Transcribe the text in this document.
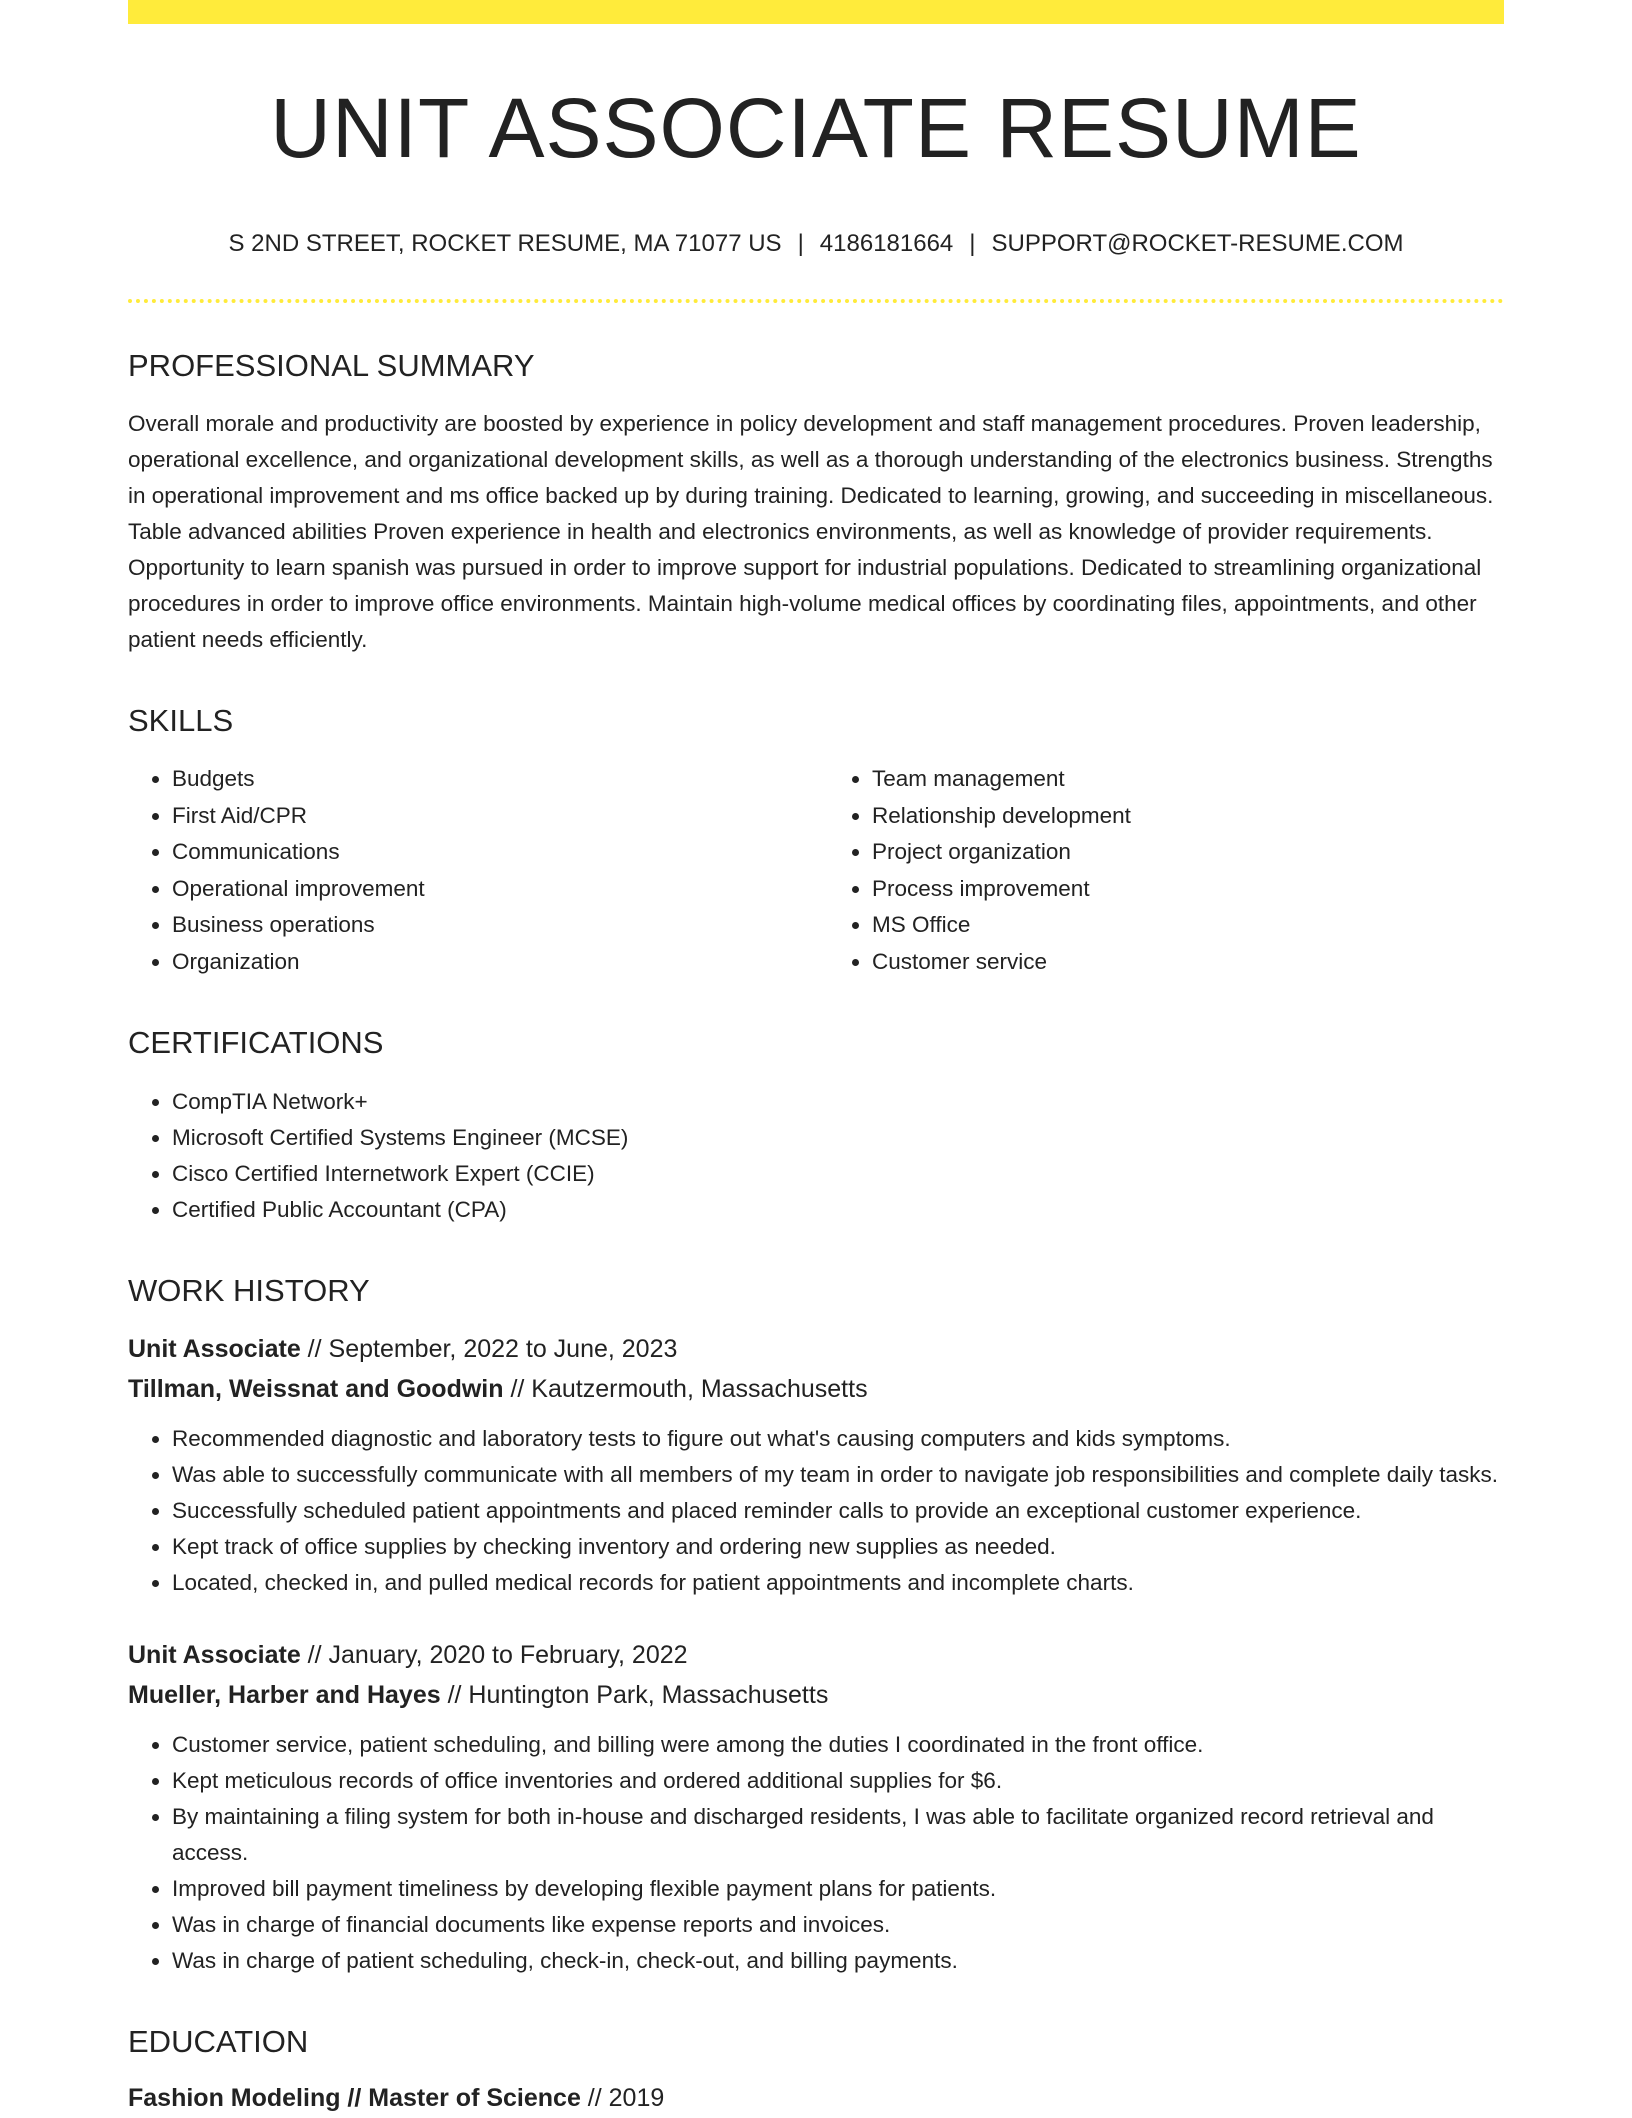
UNIT ASSOCIATE RESUME
S 2ND STREET, ROCKET RESUME, MA 71077 US | 4186181664 | SUPPORT@ROCKET-RESUME.COM
PROFESSIONAL SUMMARY

Overall morale and productivity are boosted by experience in policy development and staff management procedures. Proven leadership, operational excellence, and organizational development skills, as well as a thorough understanding of the electronics business. Strengths in operational improvement and ms office backed up by during training. Dedicated to learning, growing, and succeeding in miscellaneous. Table advanced abilities Proven experience in health and electronics environments, as well as knowledge of provider requirements. Opportunity to learn spanish was pursued in order to improve support for industrial populations. Dedicated to streamlining organizational procedures in order to improve office environments. Maintain high-volume medical offices by coordinating files, appointments, and other patient needs efficiently.

SKILLS
• Budgets
• First Aid/CPR
• Communications
• Operational improvement
• Business operations
• Organization
• Team management
• Relationship development
• Project organization
• Process improvement
• MS Office
• Customer service
CERTIFICATIONS
• CompTIA Network+
• Microsoft Certified Systems Engineer (MCSE)
• Cisco Certified Internetwork Expert (CCIE)
• Certified Public Accountant (CPA)
WORK HISTORY
Unit Associate // September, 2022 to June, 2023
Tillman, Weissnat and Goodwin // Kautzermouth, Massachusetts
• Recommended diagnostic and laboratory tests to figure out what's causing computers and kids symptoms.
• Was able to successfully communicate with all members of my team in order to navigate job responsibilities and complete daily tasks.
• Successfully scheduled patient appointments and placed reminder calls to provide an exceptional customer experience.
• Kept track of office supplies by checking inventory and ordering new supplies as needed.
• Located, checked in, and pulled medical records for patient appointments and incomplete charts.
Unit Associate // January, 2020 to February, 2022
Mueller, Harber and Hayes // Huntington Park, Massachusetts
• Customer service, patient scheduling, and billing were among the duties I coordinated in the front office.
• Kept meticulous records of office inventories and ordered additional supplies for $6.
• By maintaining a filing system for both in-house and discharged residents, I was able to facilitate organized record retrieval and access.
• Improved bill payment timeliness by developing flexible payment plans for patients.
• Was in charge of financial documents like expense reports and invoices.
• Was in charge of patient scheduling, check-in, check-out, and billing payments.
EDUCATION
Fashion Modeling // Master of Science // 2019
